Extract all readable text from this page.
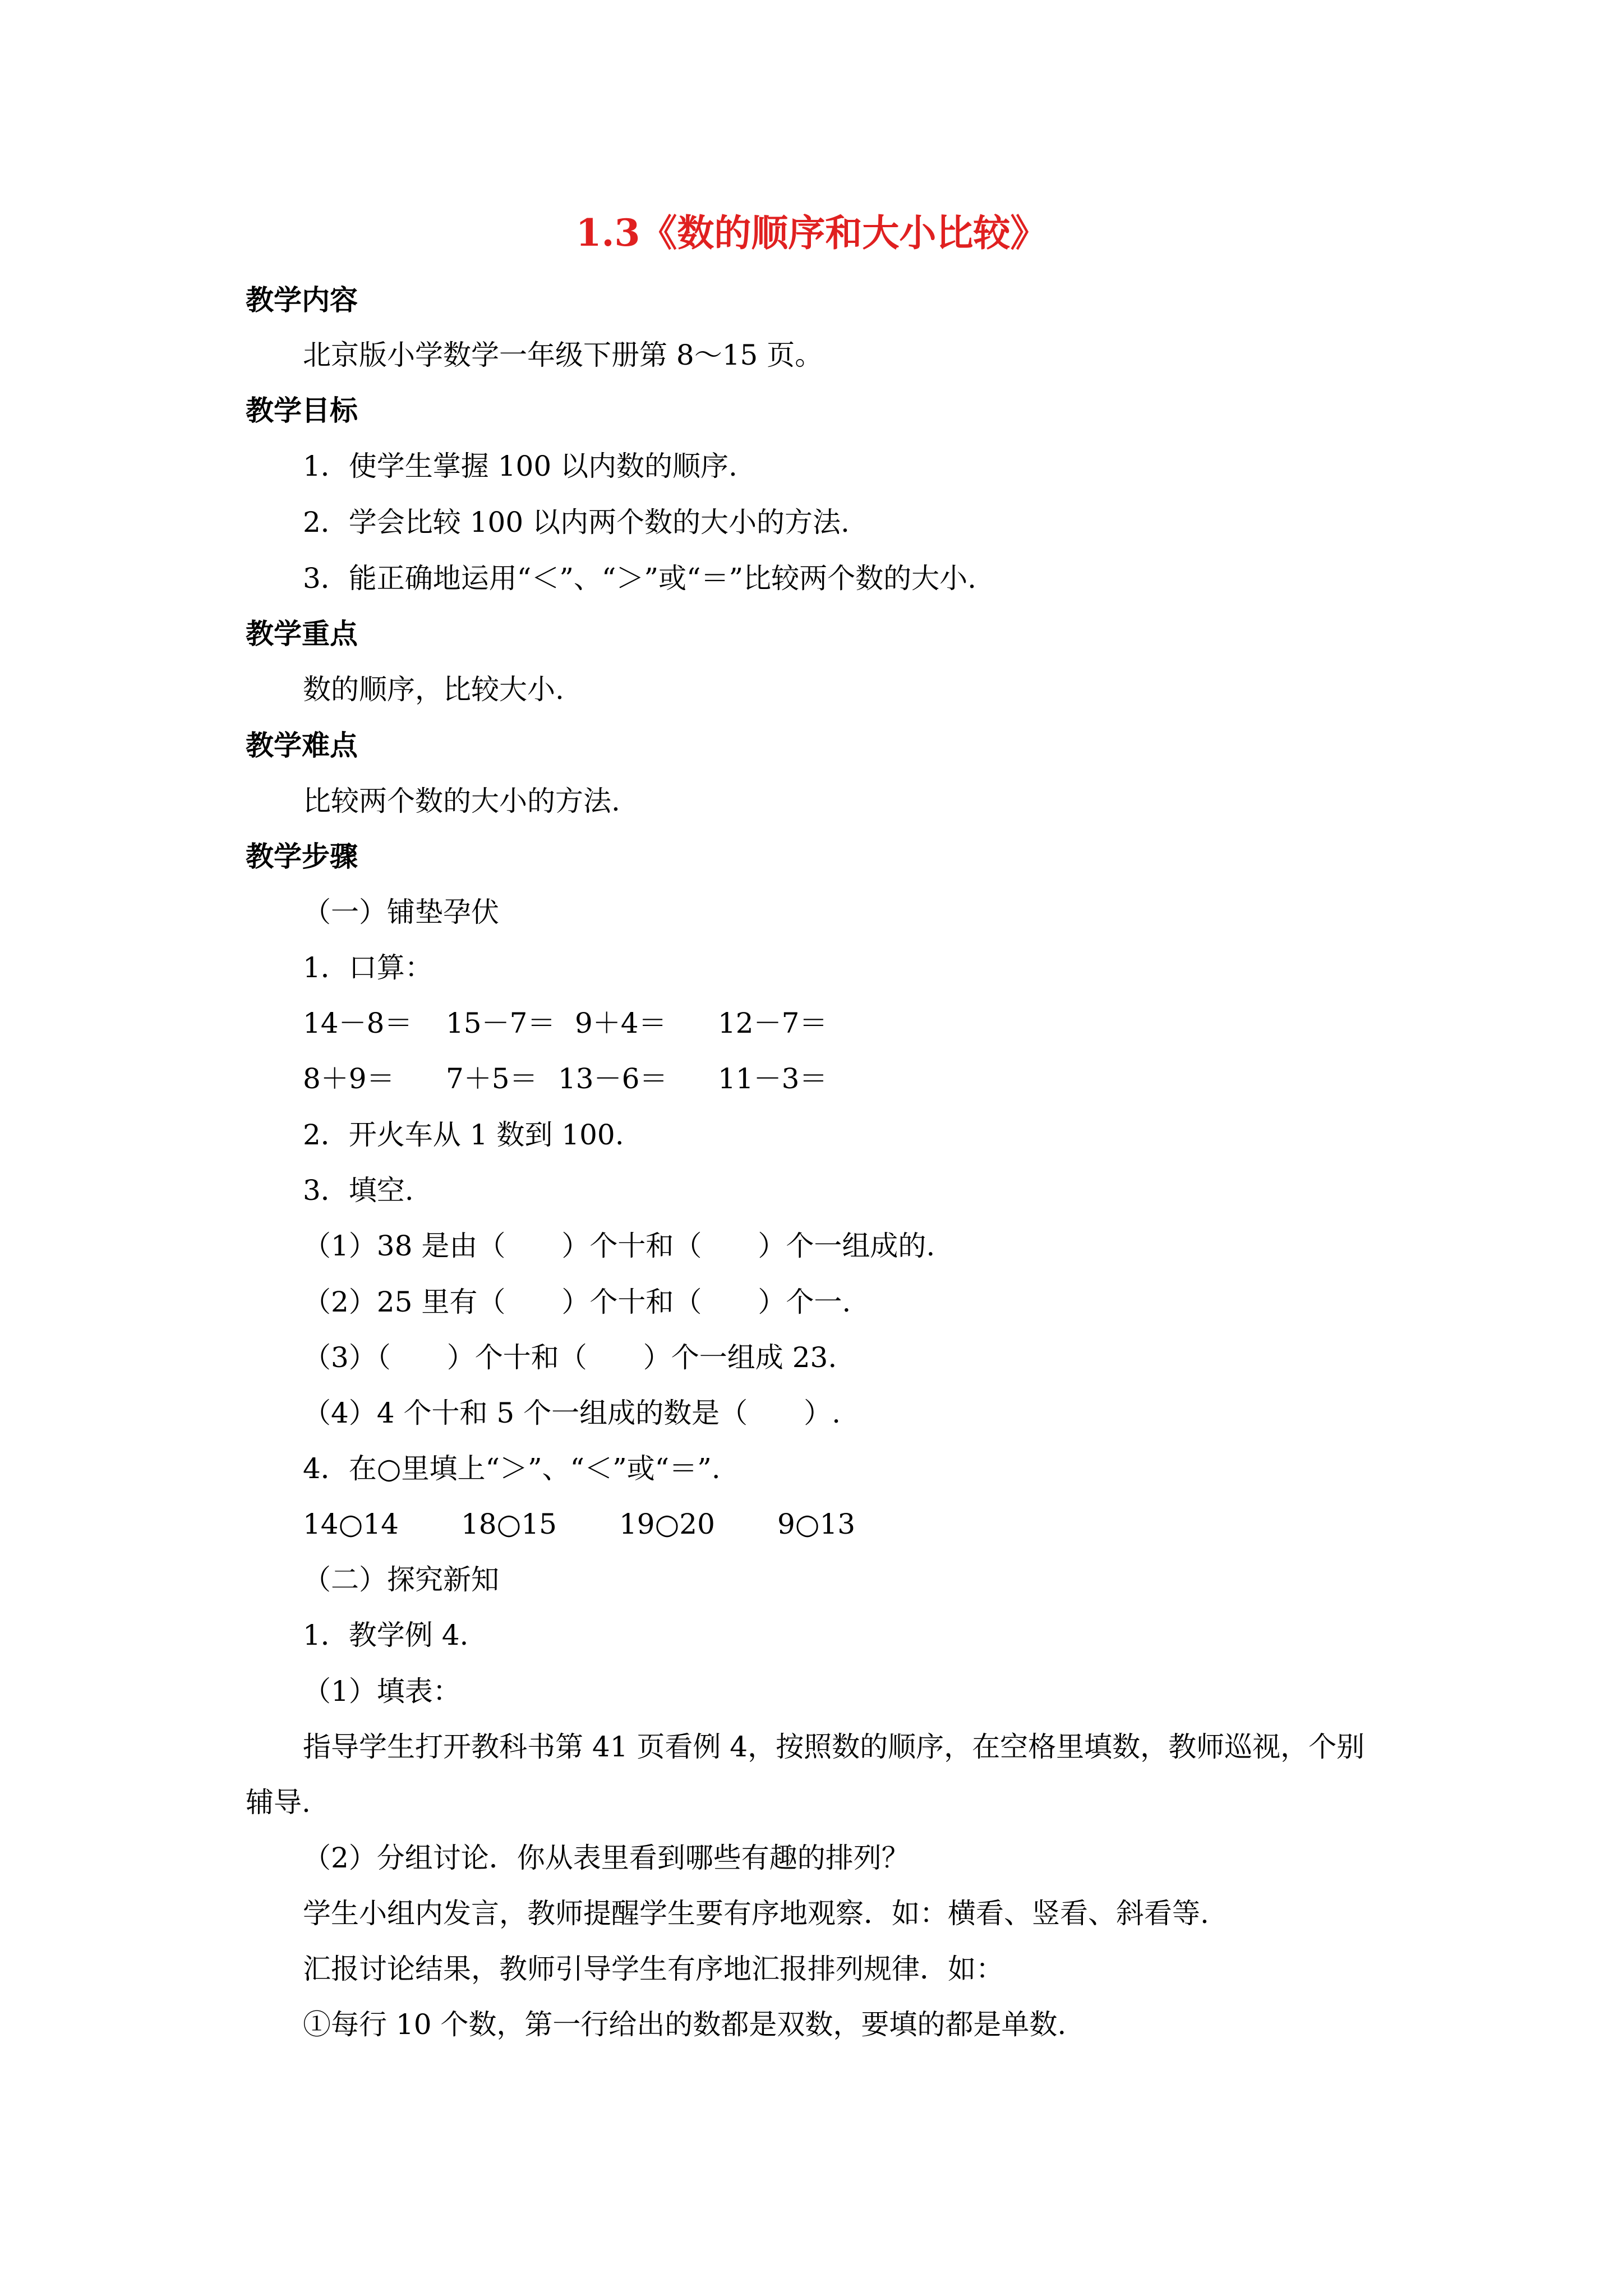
1.3《数的顺序和大小比较》
教学内容
北京版小学数学一年级下册第 8～15 页。
教学目标
1．使学生掌握 100 以内数的顺序.
2．学会比较 100 以内两个数的大小的方法.
3．能正确地运用“＜”、“＞”或“＝”比较两个数的大小.
教学重点
数的顺序，比较大小.
教学难点
比较两个数的大小的方法.
教学步骤
（一）铺垫孕伏
1．口算：
14－8＝ 15－7＝ 9＋4＝ 12－7＝
8＋9＝ 7＋5＝ 13－6＝ 11－3＝
2．开火车从 1 数到 100.
3．填空.
（1）38 是由（　　）个十和（　　）个一组成的.
（2）25 里有（　　）个十和（　　）个一.
（3）（　　）个十和（　　）个一组成 23.
（4）4 个十和 5 个一组成的数是（　　）.
4．在○里填上“＞”、“＜”或“＝”.
14○14 18○15 19○20 9○13
（二）探究新知
1．教学例 4.
（1）填表：
指导学生打开教科书第 41 页看例 4，按照数的顺序，在空格里填数，教师巡视，个别
辅导.
（2）分组讨论．你从表里看到哪些有趣的排列？
学生小组内发言，教师提醒学生要有序地观察．如：横看、竖看、斜看等.
汇报讨论结果，教师引导学生有序地汇报排列规律．如：
①每行 10 个数，第一行给出的数都是双数，要填的都是单数.
